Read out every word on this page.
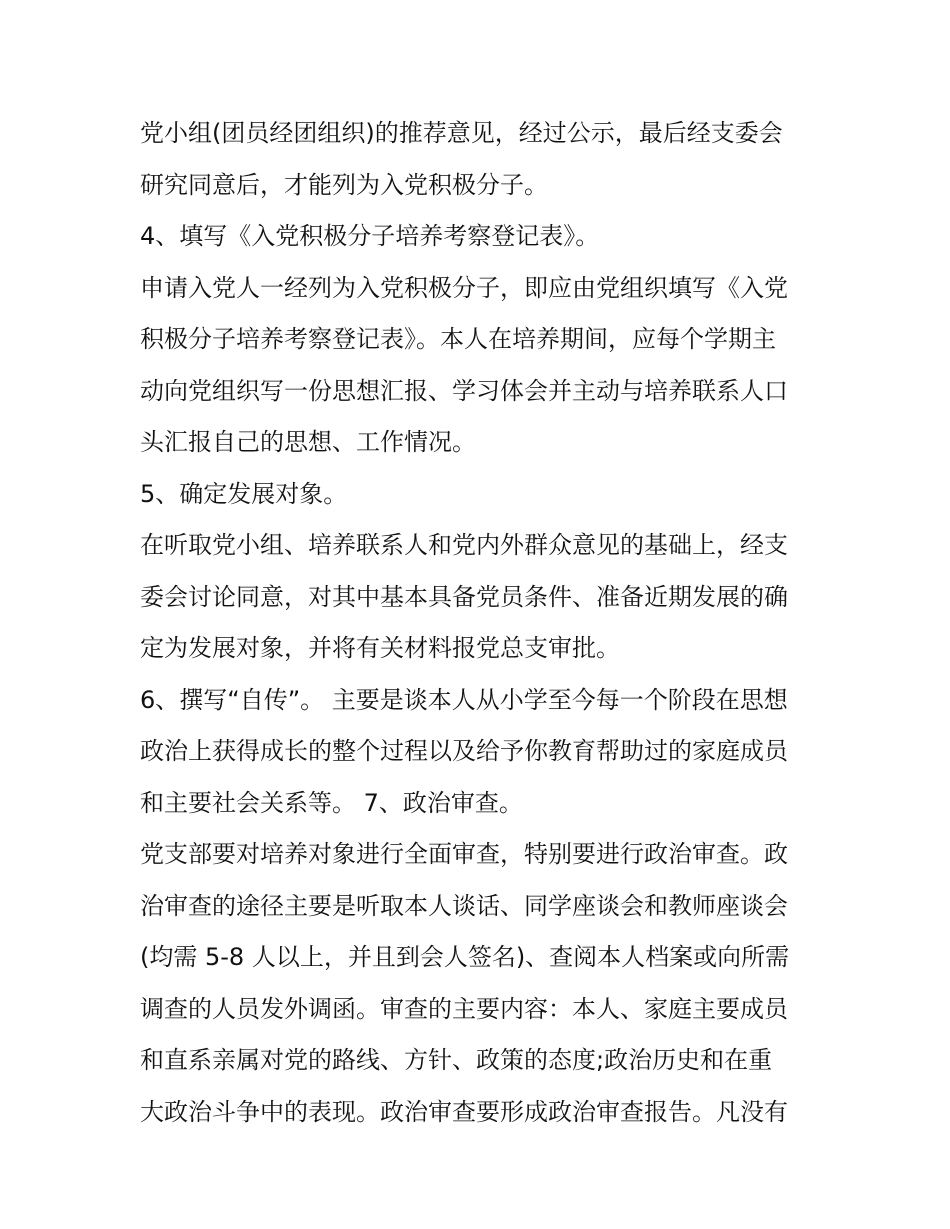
党小组(团员经团组织)的推荐意见，经过公示，最后经支委会
研究同意后，才能列为入党积极分子。
4、填写《入党积极分子培养考察登记表》。
申请入党人一经列为入党积极分子，即应由党组织填写《入党
积极分子培养考察登记表》。本人在培养期间，应每个学期主
动向党组织写一份思想汇报、学习体会并主动与培养联系人口
头汇报自己的思想、工作情况。
5、确定发展对象。
在听取党小组、培养联系人和党内外群众意见的基础上，经支
委会讨论同意，对其中基本具备党员条件、准备近期发展的确
定为发展对象，并将有关材料报党总支审批。
6、撰写“自传”。 主要是谈本人从小学至今每一个阶段在思想
政治上获得成长的整个过程以及给予你教育帮助过的家庭成员
和主要社会关系等。 7、政治审查。
党支部要对培养对象进行全面审查，特别要进行政治审查。政
治审查的途径主要是听取本人谈话、同学座谈会和教师座谈会
(均需 5-8 人以上，并且到会人签名)、查阅本人档案或向所需
调查的人员发外调函。审查的主要内容：本人、家庭主要成员
和直系亲属对党的路线、方针、政策的态度;政治历史和在重
大政治斗争中的表现。政治审查要形成政治审查报告。凡没有
